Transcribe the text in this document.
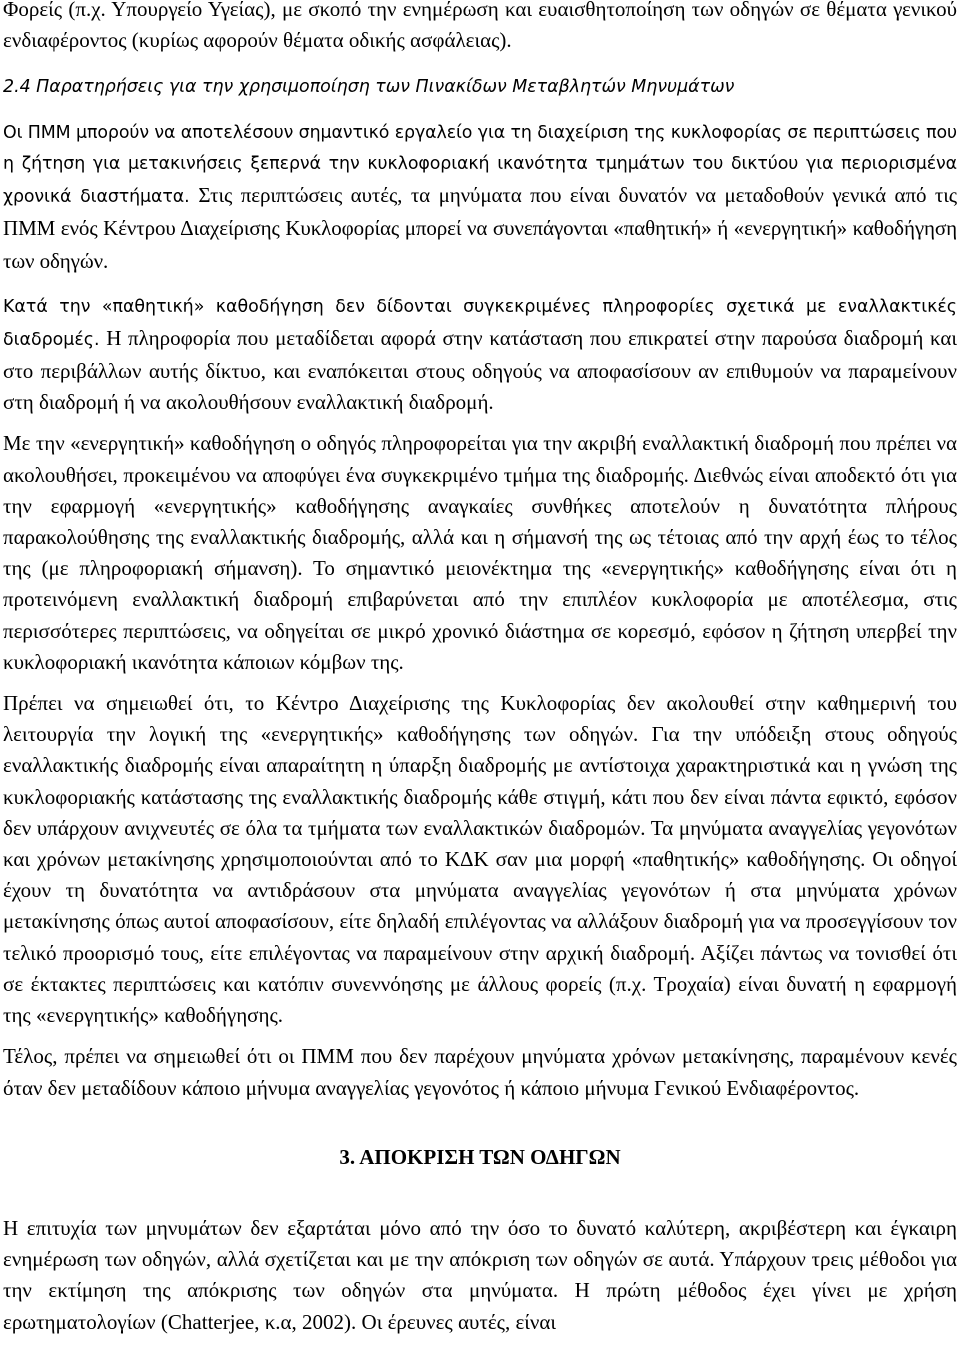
Φορείς (π.χ. Υπουργείο Υγείας), με σκοπό την ενημέρωση και ευαισθητοποίηση των οδηγών σε θέματα γενικού ενδιαφέροντος (κυρίως αφορούν θέματα οδικής ασφάλειας).

2.4 Παρατηρήσεις για την χρησιμοποίηση των Πινακίδων Μεταβλητών Μηνυμάτων

Οι ΠΜΜ μπορούν να αποτελέσουν σημαντικό εργαλείο για τη διαχείριση της κυκλοφορίας σε περιπτώσεις που η ζήτηση για μετακινήσεις ξεπερνά την κυκλοφοριακή ικανότητα τμημάτων του δικτύου για περιορισμένα χρονικά διαστήματα. Στις περιπτώσεις αυτές, τα μηνύματα που είναι δυνατόν να μεταδοθούν γενικά από τις ΠΜΜ ενός Κέντρου Διαχείρισης Κυκλοφορίας μπορεί να συνεπάγονται «παθητική» ή «ενεργητική» καθοδήγηση των οδηγών.

Κατά την «παθητική» καθοδήγηση δεν δίδονται συγκεκριμένες πληροφορίες σχετικά με εναλλακτικές διαδρομές. Η πληροφορία που μεταδίδεται αφορά στην κατάσταση που επικρατεί στην παρούσα διαδρομή και στο περιβάλλων αυτής δίκτυο, και εναπόκειται στους οδηγούς να αποφασίσουν αν επιθυμούν να παραμείνουν στη διαδρομή ή να ακολουθήσουν εναλλακτική διαδρομή.

Με την «ενεργητική» καθοδήγηση ο οδηγός πληροφορείται για την ακριβή εναλλακτική διαδρομή που πρέπει να ακολουθήσει, προκειμένου να αποφύγει ένα συγκεκριμένο τμήμα της διαδρομής. Διεθνώς είναι αποδεκτό ότι για την εφαρμογή «ενεργητικής» καθοδήγησης αναγκαίες συνθήκες αποτελούν η δυνατότητα πλήρους παρακολούθησης της εναλλακτικής διαδρομής, αλλά και η σήμανσή της ως τέτοιας από την αρχή έως το τέλος της (με πληροφοριακή σήμανση). Το σημαντικό μειονέκτημα της «ενεργητικής» καθοδήγησης είναι ότι η προτεινόμενη εναλλακτική διαδρομή επιβαρύνεται από την επιπλέον κυκλοφορία με αποτέλεσμα, στις περισσότερες περιπτώσεις, να οδηγείται σε μικρό χρονικό διάστημα σε κορεσμό, εφόσον η ζήτηση υπερβεί την κυκλοφοριακή ικανότητα κάποιων κόμβων της.

Πρέπει να σημειωθεί ότι, το Κέντρο Διαχείρισης της Κυκλοφορίας δεν ακολουθεί στην καθημερινή του λειτουργία την λογική της «ενεργητικής» καθοδήγησης των οδηγών. Για την υπόδειξη στους οδηγούς εναλλακτικής διαδρομής είναι απαραίτητη η ύπαρξη διαδρομής με αντίστοιχα χαρακτηριστικά και η γνώση της κυκλοφοριακής κατάστασης της εναλλακτικής διαδρομής κάθε στιγμή, κάτι που δεν είναι πάντα εφικτό, εφόσον δεν υπάρχουν ανιχνευτές σε όλα τα τμήματα των εναλλακτικών διαδρομών. Τα μηνύματα αναγγελίας γεγονότων και χρόνων μετακίνησης χρησιμοποιούνται από το ΚΔΚ σαν μια μορφή «παθητικής» καθοδήγησης. Οι οδηγοί έχουν τη δυνατότητα να αντιδράσουν στα μηνύματα αναγγελίας γεγονότων ή στα μηνύματα χρόνων μετακίνησης όπως αυτοί αποφασίσουν, είτε δηλαδή επιλέγοντας να αλλάξουν διαδρομή για να προσεγγίσουν τον τελικό προορισμό τους, είτε επιλέγοντας να παραμείνουν στην αρχική διαδρομή. Αξίζει πάντως να τονισθεί ότι σε έκτακτες περιπτώσεις και κατόπιν συνεννόησης με άλλους φορείς (π.χ. Τροχαία) είναι δυνατή η εφαρμογή της «ενεργητικής» καθοδήγησης.

Τέλος, πρέπει να σημειωθεί ότι οι ΠΜΜ που δεν παρέχουν μηνύματα χρόνων μετακίνησης, παραμένουν κενές όταν δεν μεταδίδουν κάποιο μήνυμα αναγγελίας γεγονότος ή κάποιο μήνυμα Γενικού Ενδιαφέροντος.

3. ΑΠΟΚΡΙΣΗ ΤΩΝ ΟΔΗΓΩΝ

Η επιτυχία των μηνυμάτων δεν εξαρτάται μόνο από την όσο το δυνατό καλύτερη, ακριβέστερη και έγκαιρη ενημέρωση των οδηγών, αλλά σχετίζεται και με την απόκριση των οδηγών σε αυτά. Υπάρχουν τρεις μέθοδοι για την εκτίμηση της απόκρισης των οδηγών στα μηνύματα. Η πρώτη μέθοδος έχει γίνει με χρήση ερωτηματολογίων (Chatterjee, κ.α, 2002). Οι έρευνες αυτές, είναι
